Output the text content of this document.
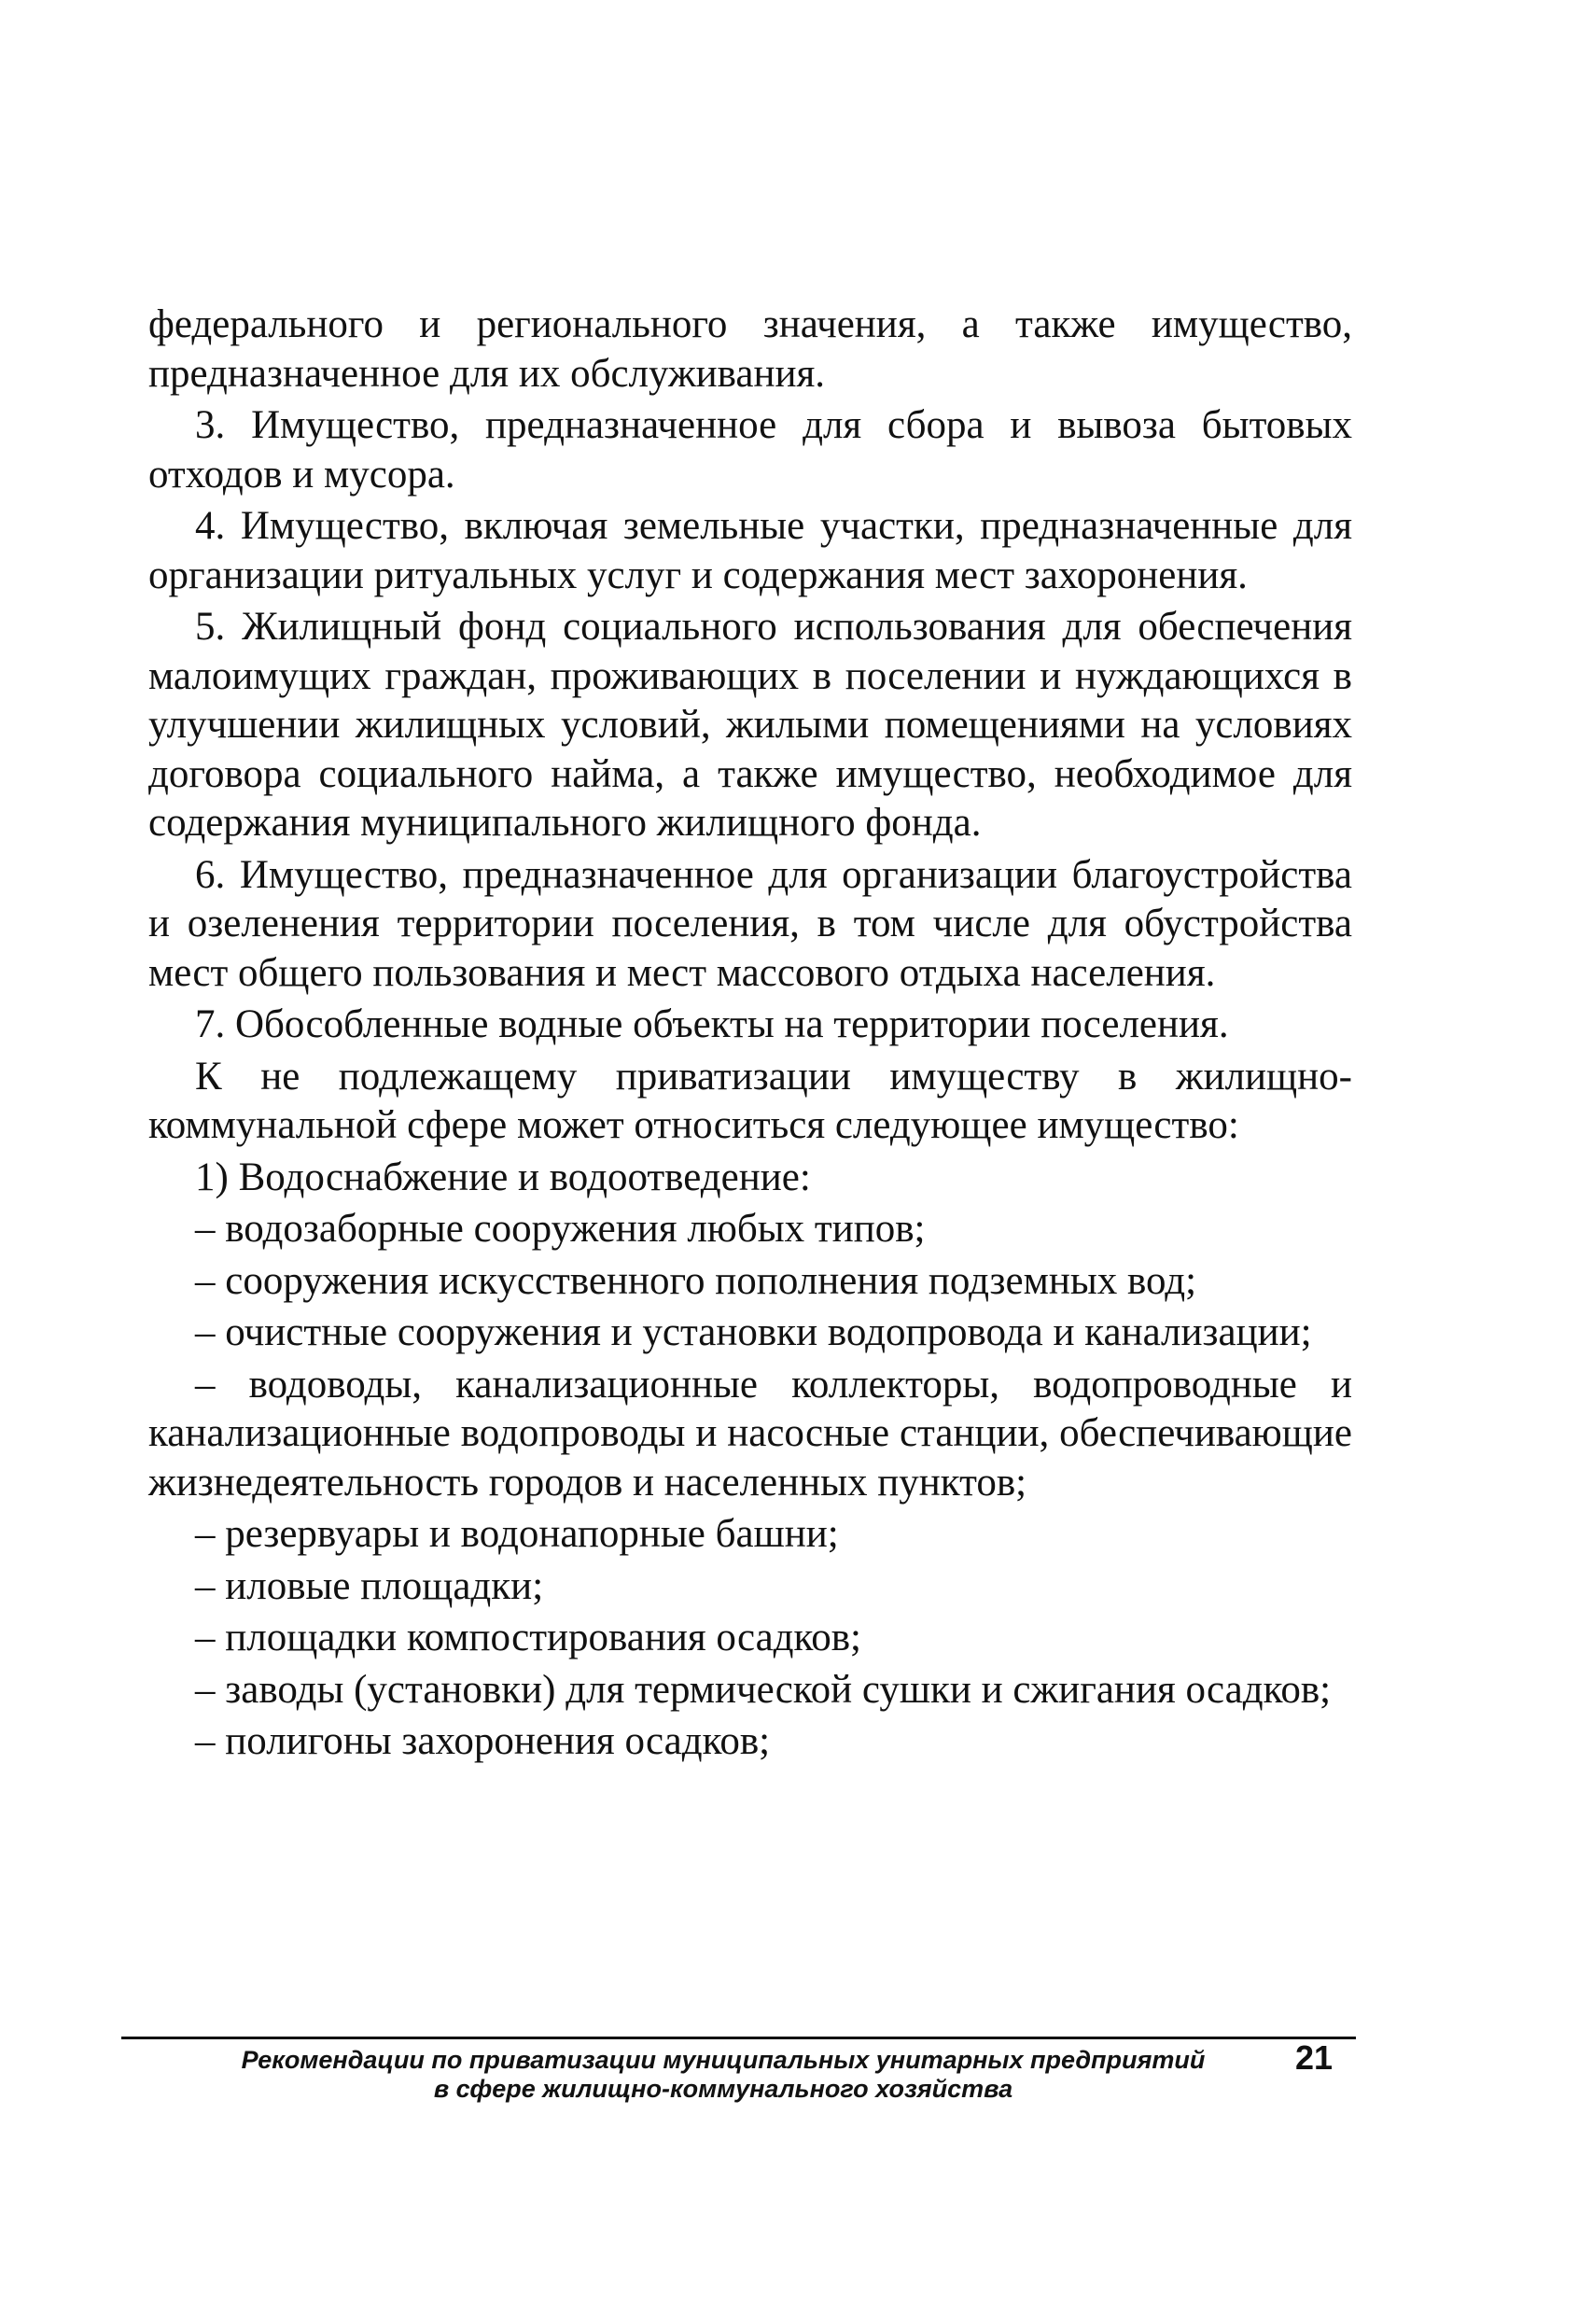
федерального и регионального значения, а также имущество, предназначенное для их обслуживания.

3. Имущество, предназначенное для сбора и вывоза бытовых отходов и мусора.

4. Имущество, включая земельные участки, предназначенные для организации ритуальных услуг и содержания мест захоронения.

5. Жилищный фонд социального использования для обеспечения малоимущих граждан, проживающих в поселении и нуждающихся в улучшении жилищных условий, жилыми помещениями на условиях договора социального найма, а также имущество, необходимое для содержания муниципального жилищного фонда.

6. Имущество, предназначенное для организации благоустройства и озеленения территории поселения, в том числе для обустройства мест общего пользования и мест массового отдыха населения.

7. Обособленные водные объекты на территории поселения.

К не подлежащему приватизации имуществу в жилищно-коммунальной сфере может относиться следующее имущество:

1) Водоснабжение и водоотведение:

– водозаборные сооружения любых типов;

– сооружения искусственного пополнения подземных вод;

– очистные сооружения и установки водопровода и канализации;

– водоводы, канализационные коллекторы, водопроводные и канализационные водопроводы и насосные станции, обеспечивающие жизнедеятельность городов и населенных пунктов;

– резервуары и водонапорные башни;

– иловые площадки;

– площадки компостирования осадков;

– заводы (установки) для термической сушки и сжигания осадков;

– полигоны захоронения осадков;

Рекомендации по приватизации муниципальных унитарных предприятий
в сфере жилищно-коммунального хозяйства
21
